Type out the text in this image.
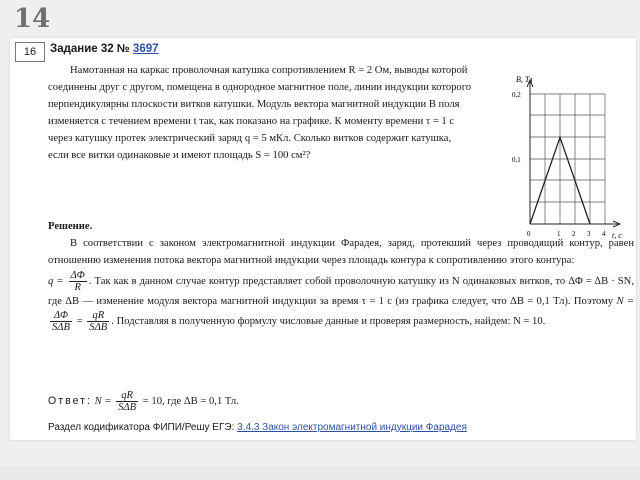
14
16	Задание 32 № 3697
Намотанная на каркас проволочная катушка сопротивлением R = 2 Ом, выводы которой
соединены друг с другом, помещена в однородное магнитное поле, линии индукции которого
перпендикулярны плоскости витков катушки. Модуль вектора магнитной индукции В поля
изменяется с течением времени t так, как показано на графике. К моменту времени τ = 1 с
через катушку протек электрический заряд q = 5 мКл. Сколько витков содержит катушка,
если все витки одинаковые и имеют площадь S = 100 см²?
В, Тл
t, с
0,2
0,1
0	1 2 3 4

Решение.

В соответствии с законом электромагнитной индукции Фарадея, заряд, протекший через проводящий контур, равен отношению изменения потока вектора магнитной индукции через площадь контура к сопротивлению этого контура:

$q = \frac{\Delta\Phi}{R}$ . Так как в данном случае контур представляет собой проволочную катушку из N одинаковых витков, то ΔΦ = ΔB · SN, где ΔB — изменение модуля вектора магнитной индукции за время τ = 1 с (из графика следует, что ΔB = 0,1 Тл). Поэтому N =
$\frac{\Delta\Phi}{\text{SΔB}} = \frac{qR}{\text{SΔB}}$ . Подставляя в полученную формулу числовые данные и проверяя размерность, найдем: N = 10.

Ответ: $N = \frac{qR}{\text{SΔB}} = 10$, где ΔB = 0,1 Тл.
Раздел кодификатора ФИПИ/Решу ЕГЭ: 3.4.3 Закон электромагнитной индукции Фарадея
